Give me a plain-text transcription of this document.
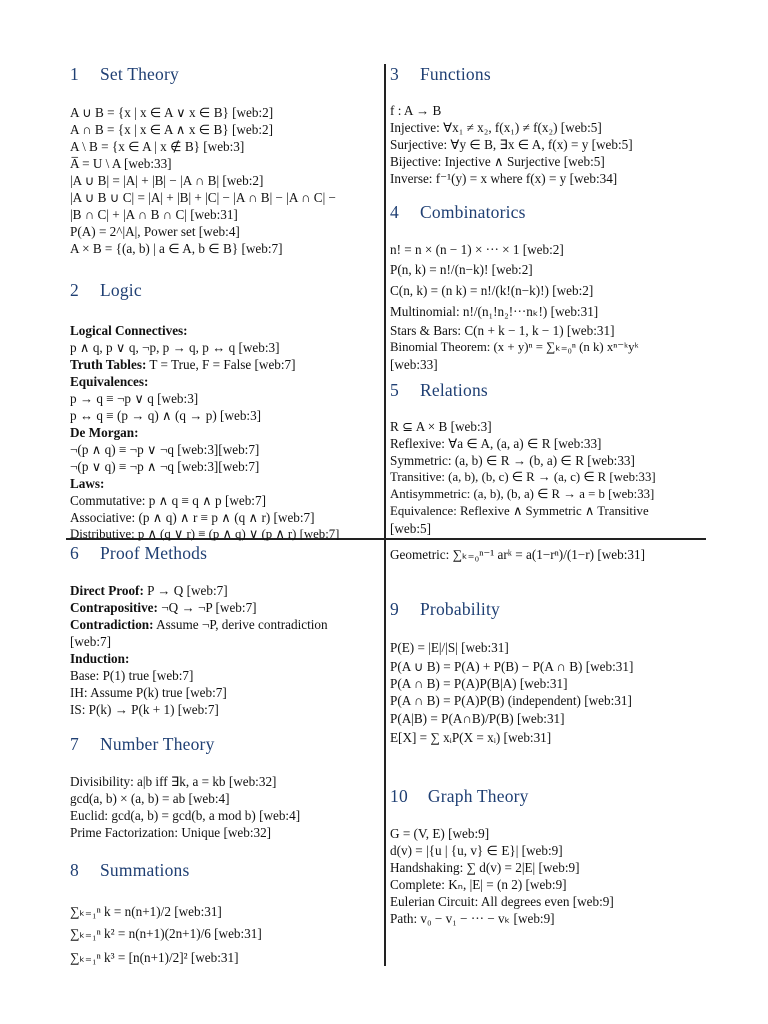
1 Set Theory
A ∪ B = {x | x ∈ A ∨ x ∈ B} [web:2]
A ∩ B = {x | x ∈ A ∧ x ∈ B} [web:2]
A \ B = {x ∈ A | x ∉ B} [web:3]
A̅ = U \ A [web:33]
|A ∪ B| = |A| + |B| − |A ∩ B| [web:2]
|A ∪ B ∪ C| = |A| + |B| + |C| − |A ∩ B| − |A ∩ C| −
|B ∩ C| + |A ∩ B ∩ C| [web:31]
P(A) = 2^|A|, Power set [web:4]
A × B = {(a, b) | a ∈ A, b ∈ B} [web:7]
2 Logic
Logical Connectives:
p ∧ q, p ∨ q, ¬p, p → q, p ↔ q [web:3]
Truth Tables: T = True, F = False [web:7]
Equivalences:
p → q ≡ ¬p ∨ q [web:3]
p ↔ q ≡ (p → q) ∧ (q → p) [web:3]
De Morgan:
¬(p ∧ q) ≡ ¬p ∨ ¬q [web:3][web:7]
¬(p ∨ q) ≡ ¬p ∧ ¬q [web:3][web:7]
Laws:
Commutative: p ∧ q ≡ q ∧ p [web:7]
Associative: (p ∧ q) ∧ r ≡ p ∧ (q ∧ r) [web:7]
Distributive: p ∧ (q ∨ r) ≡ (p ∧ q) ∨ (p ∧ r) [web:7]
6 Proof Methods
Direct Proof: P → Q [web:7]
Contrapositive: ¬Q → ¬P [web:7]
Contradiction: Assume ¬P, derive contradiction
[web:7]
Induction:
Base: P(1) true [web:7]
IH: Assume P(k) true [web:7]
IS: P(k) → P(k + 1) [web:7]
7 Number Theory
Divisibility: a|b iff ∃k, a = kb [web:32]
gcd(a, b) × (a, b) = ab [web:4]
Euclid: gcd(a, b) = gcd(b, a mod b) [web:4]
Prime Factorization: Unique [web:32]
8 Summations
∑ₖ₌₁ⁿ k = n(n+1)/2 [web:31]
∑ₖ₌₁ⁿ k² = n(n+1)(2n+1)/6 [web:31]
∑ₖ₌₁ⁿ k³ = [n(n+1)/2]² [web:31]
3 Functions
f : A → B
Injective: ∀x₁ ≠ x₂, f(x₁) ≠ f(x₂) [web:5]
Surjective: ∀y ∈ B, ∃x ∈ A, f(x) = y [web:5]
Bijective: Injective ∧ Surjective [web:5]
Inverse: f⁻¹(y) = x where f(x) = y [web:34]
4 Combinatorics
n! = n × (n − 1) × ··· × 1 [web:2]
P(n, k) = n!/(n−k)! [web:2]
C(n, k) = (n k) = n!/(k!(n−k)!) [web:2]
Multinomial: n!/(n₁!n₂!···nₖ!) [web:31]
Stars & Bars: C(n + k − 1, k − 1) [web:31]
Binomial Theorem: (x + y)ⁿ = ∑ₖ₌₀ⁿ (n k) xⁿ⁻ᵏyᵏ
[web:33]
5 Relations
R ⊆ A × B [web:3]
Reflexive: ∀a ∈ A, (a, a) ∈ R [web:33]
Symmetric: (a, b) ∈ R → (b, a) ∈ R [web:33]
Transitive: (a, b), (b, c) ∈ R → (a, c) ∈ R [web:33]
Antisymmetric: (a, b), (b, a) ∈ R → a = b [web:33]
Equivalence: Reflexive ∧ Symmetric ∧ Transitive
[web:5]
Geometric: ∑ₖ₌₀ⁿ⁻¹ arᵏ = a(1−rⁿ)/(1−r) [web:31]
9 Probability
P(E) = |E|/|S| [web:31]
P(A ∪ B) = P(A) + P(B) − P(A ∩ B) [web:31]
P(A ∩ B) = P(A)P(B|A) [web:31]
P(A ∩ B) = P(A)P(B) (independent) [web:31]
P(A|B) = P(A∩B)/P(B) [web:31]
E[X] = ∑ xᵢP(X = xᵢ) [web:31]
10 Graph Theory
G = (V, E) [web:9]
d(v) = |{u | {u, v} ∈ E}| [web:9]
Handshaking: ∑ d(v) = 2|E| [web:9]
Complete: Kₙ, |E| = (n 2) [web:9]
Eulerian Circuit: All degrees even [web:9]
Path: v₀ − v₁ − ··· − vₖ [web:9]
